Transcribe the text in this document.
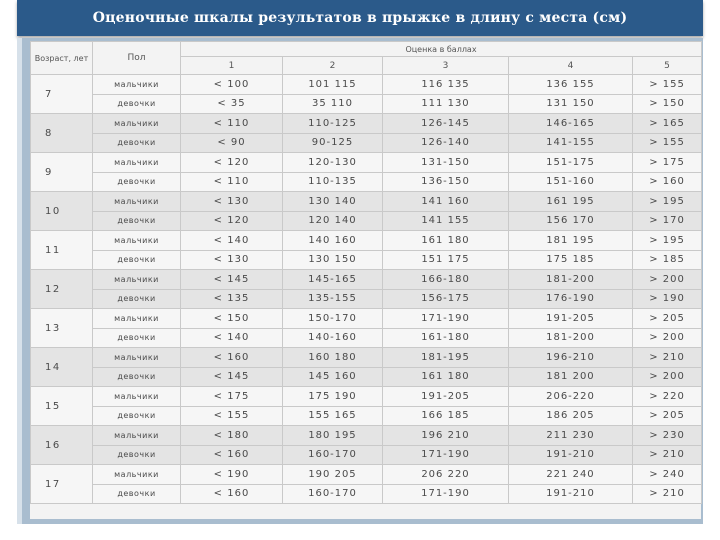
Оценочные шкалы результатов в прыжке в длину с места (см)
Возраст, лет	Пол	Оценка в баллах				
		1	2	3	4	5
7	мальчики	< 100	101 115	116 135	136 155	> 155
	девочки	< 35	35 110	111 130	131 150	> 150
8	мальчики	< 110	110-125	126-145	146-165	> 165
	девочки	< 90	90-125	126-140	141-155	> 155
9	мальчики	< 120	120-130	131-150	151-175	> 175
	девочки	< 110	110-135	136-150	151-160	> 160
10	мальчики	< 130	130 140	141 160	161 195	> 195
	девочки	< 120	120 140	141 155	156 170	> 170
11	мальчики	< 140	140 160	161 180	181 195	> 195
	девочки	< 130	130 150	151 175	175 185	> 185
12	мальчики	< 145	145-165	166-180	181-200	> 200
	девочки	< 135	135-155	156-175	176-190	> 190
13	мальчики	< 150	150-170	171-190	191-205	> 205
	девочки	< 140	140-160	161-180	181-200	> 200
14	мальчики	< 160	160 180	181-195	196-210	> 210
	девочки	< 145	145 160	161 180	181 200	> 200
15	мальчики	< 175	175 190	191-205	206-220	> 220
	девочки	< 155	155 165	166 185	186 205	> 205
16	мальчики	< 180	180 195	196 210	211 230	> 230
	девочки	< 160	160-170	171-190	191-210	> 210
17	мальчики	< 190	190 205	206 220	221 240	> 240
	девочки	< 160	160-170	171-190	191-210	> 210
